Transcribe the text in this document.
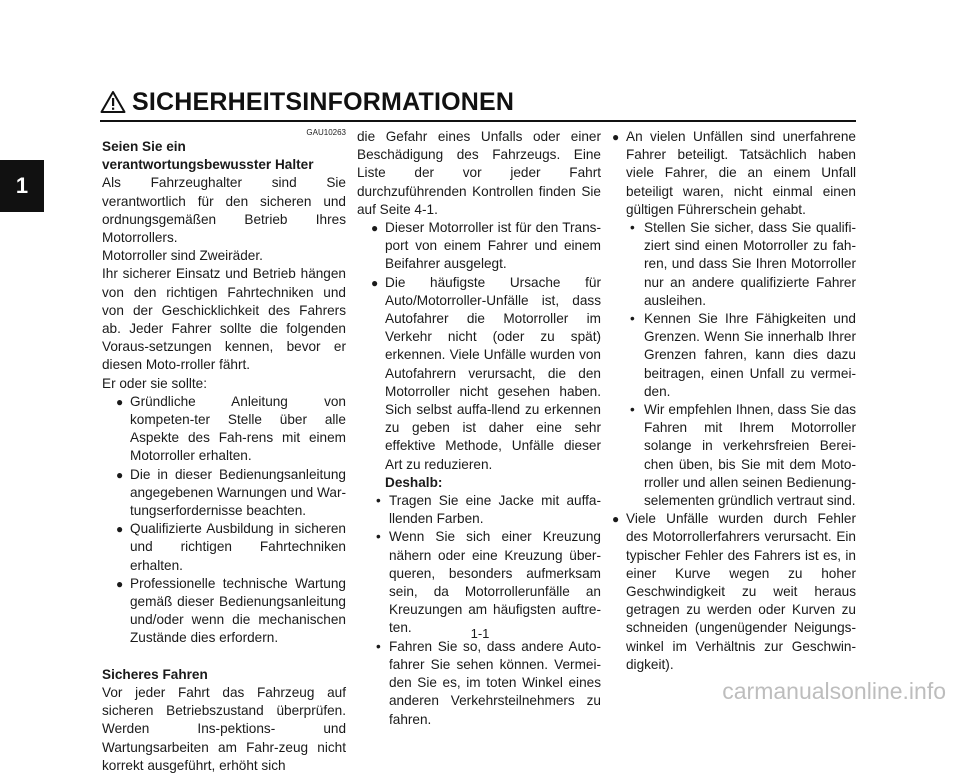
1
SICHERHEITSINFORMATIONEN
GAU10263
Seien Sie ein verantwortungsbewusster Halter
Als Fahrzeughalter sind Sie verantwortlich für den sicheren und ordnungsgemäßen Betrieb Ihres Motorrollers.
Motorroller sind Zweiräder.
Ihr sicherer Einsatz und Betrieb hängen von den richtigen Fahrtechniken und von der Geschicklichkeit des Fahrers ab. Jeder Fahrer sollte die folgenden Voraus-setzungen kennen, bevor er diesen Moto-rroller fährt.
Er oder sie sollte:
● Gründliche Anleitung von kompeten-ter Stelle über alle Aspekte des Fah-rens mit einem Motorroller erhalten.
● Die in dieser Bedienungsanleitung angegebenen Warnungen und War-tungserfordernisse beachten.
● Qualifizierte Ausbildung in sicheren und richtigen Fahrtechniken erhalten.
● Professionelle technische Wartung gemäß dieser Bedienungsanleitung und/oder wenn die mechanischen Zustände dies erfordern.
Sicheres Fahren
Vor jeder Fahrt das Fahrzeug auf sicheren Betriebszustand überprüfen. Werden Ins-pektions- und Wartungsarbeiten am Fahr-zeug nicht korrekt ausgeführt, erhöht sich
die Gefahr eines Unfalls oder einer Beschädigung des Fahrzeugs. Eine Liste der vor jeder Fahrt durchzuführenden Kontrollen finden Sie auf Seite 4-1.
● Dieser Motorroller ist für den Trans-port von einem Fahrer und einem Beifahrer ausgelegt.
● Die häufigste Ursache für Auto/Motorroller-Unfälle ist, dass Autofahrer die Motorroller im Verkehr nicht (oder zu spät) erkennen. Viele Unfälle wurden von Autofahrern verursacht, die den Motorroller nicht gesehen haben. Sich selbst auffa-llend zu erkennen zu geben ist daher eine sehr effektive Methode, Unfälle dieser Art zu reduzieren.
Deshalb:
• Tragen Sie eine Jacke mit auffa-llenden Farben.
• Wenn Sie sich einer Kreuzung nähern oder eine Kreuzung über-queren, besonders aufmerksam sein, da Motorrollerunfälle an Kreuzungen am häufigsten auftre-ten.
• Fahren Sie so, dass andere Auto-fahrer Sie sehen können. Vermei-den Sie es, im toten Winkel eines anderen Verkehrsteilnehmers zu fahren.
● An vielen Unfällen sind unerfahrene Fahrer beteiligt. Tatsächlich haben viele Fahrer, die an einem Unfall beteiligt waren, nicht einmal einen gültigen Führerschein gehabt.
• Stellen Sie sicher, dass Sie qualifi-ziert sind einen Motorroller zu fah-ren, und dass Sie Ihren Motorroller nur an andere qualifizierte Fahrer ausleihen.
• Kennen Sie Ihre Fähigkeiten und Grenzen. Wenn Sie innerhalb Ihrer Grenzen fahren, kann dies dazu beitragen, einen Unfall zu vermei-den.
• Wir empfehlen Ihnen, dass Sie das Fahren mit Ihrem Motorroller solange in verkehrsfreien Berei-chen üben, bis Sie mit dem Moto-rroller und allen seinen Bedienung-selementen gründlich vertraut sind.
● Viele Unfälle wurden durch Fehler des Motorrollerfahrers verursacht. Ein typischer Fehler des Fahrers ist es, in einer Kurve wegen zu hoher Geschwindigkeit zu weit heraus getragen zu werden oder Kurven zu schneiden (ungenügender Neigungs-winkel im Verhältnis zur Geschwin-digkeit).
1-1
carmanualsonline.info
